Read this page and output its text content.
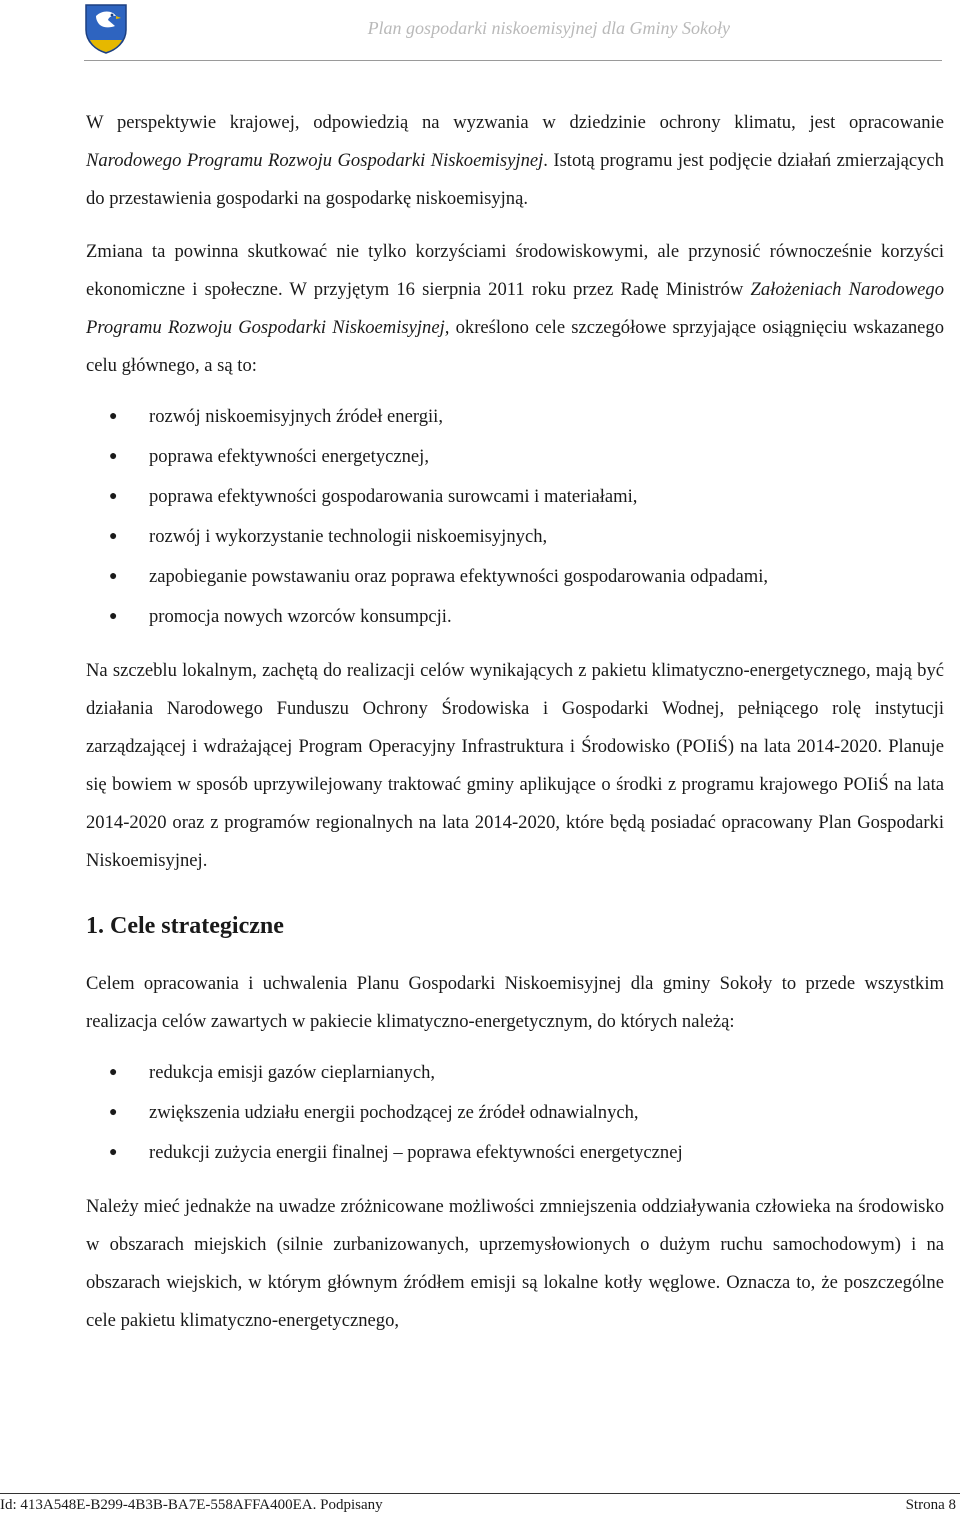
Plan gospodarki niskoemisyjnej dla Gminy Sokoły

W perspektywie krajowej, odpowiedzią na wyzwania w dziedzinie ochrony klimatu, jest opracowanie Narodowego Programu Rozwoju Gospodarki Niskoemisyjnej. Istotą programu jest podjęcie działań zmierzających do przestawienia gospodarki na gospodarkę niskoemisyjną.

Zmiana ta powinna skutkować nie tylko korzyściami środowiskowymi, ale przynosić równocześnie korzyści ekonomiczne i społeczne. W przyjętym 16 sierpnia 2011 roku przez Radę Ministrów Założeniach Narodowego Programu Rozwoju Gospodarki Niskoemisyjnej, określono cele szczegółowe sprzyjające osiągnięciu wskazanego celu głównego, a są to:

● rozwój niskoemisyjnych źródeł energii,
● poprawa efektywności energetycznej,
● poprawa efektywności gospodarowania surowcami i materiałami,
● rozwój i wykorzystanie technologii niskoemisyjnych,
● zapobieganie powstawaniu oraz poprawa efektywności gospodarowania odpadami,
● promocja nowych wzorców konsumpcji.

Na szczeblu lokalnym, zachętą do realizacji celów wynikających z pakietu klimatyczno-energetycznego, mają być działania Narodowego Funduszu Ochrony Środowiska i Gospodarki Wodnej, pełniącego rolę instytucji zarządzającej i wdrażającej Program Operacyjny Infrastruktura i Środowisko (POIiŚ) na lata 2014-2020. Planuje się bowiem w sposób uprzywilejowany traktować gminy aplikujące o środki z programu krajowego POIiŚ na lata 2014-2020 oraz z programów regionalnych na lata 2014-2020, które będą posiadać opracowany Plan Gospodarki Niskoemisyjnej.

1. Cele strategiczne

Celem opracowania i uchwalenia Planu Gospodarki Niskoemisyjnej dla gminy Sokoły to przede wszystkim realizacja celów zawartych w pakiecie klimatyczno-energetycznym, do których należą:

● redukcja emisji gazów cieplarnianych,
● zwiększenia udziału energii pochodzącej ze źródeł odnawialnych,
● redukcji zużycia energii finalnej – poprawa efektywności energetycznej

Należy mieć jednakże na uwadze zróżnicowane możliwości zmniejszenia oddziaływania człowieka na środowisko w obszarach miejskich (silnie zurbanizowanych, uprzemysłowionych o dużym ruchu samochodowym) i na obszarach wiejskich, w którym głównym źródłem emisji są lokalne kotły węglowe. Oznacza to, że poszczególne cele pakietu klimatyczno-energetycznego,

Id: 413A548E-B299-4B3B-BA7E-558AFFA400EA. Podpisany	Strona 8
